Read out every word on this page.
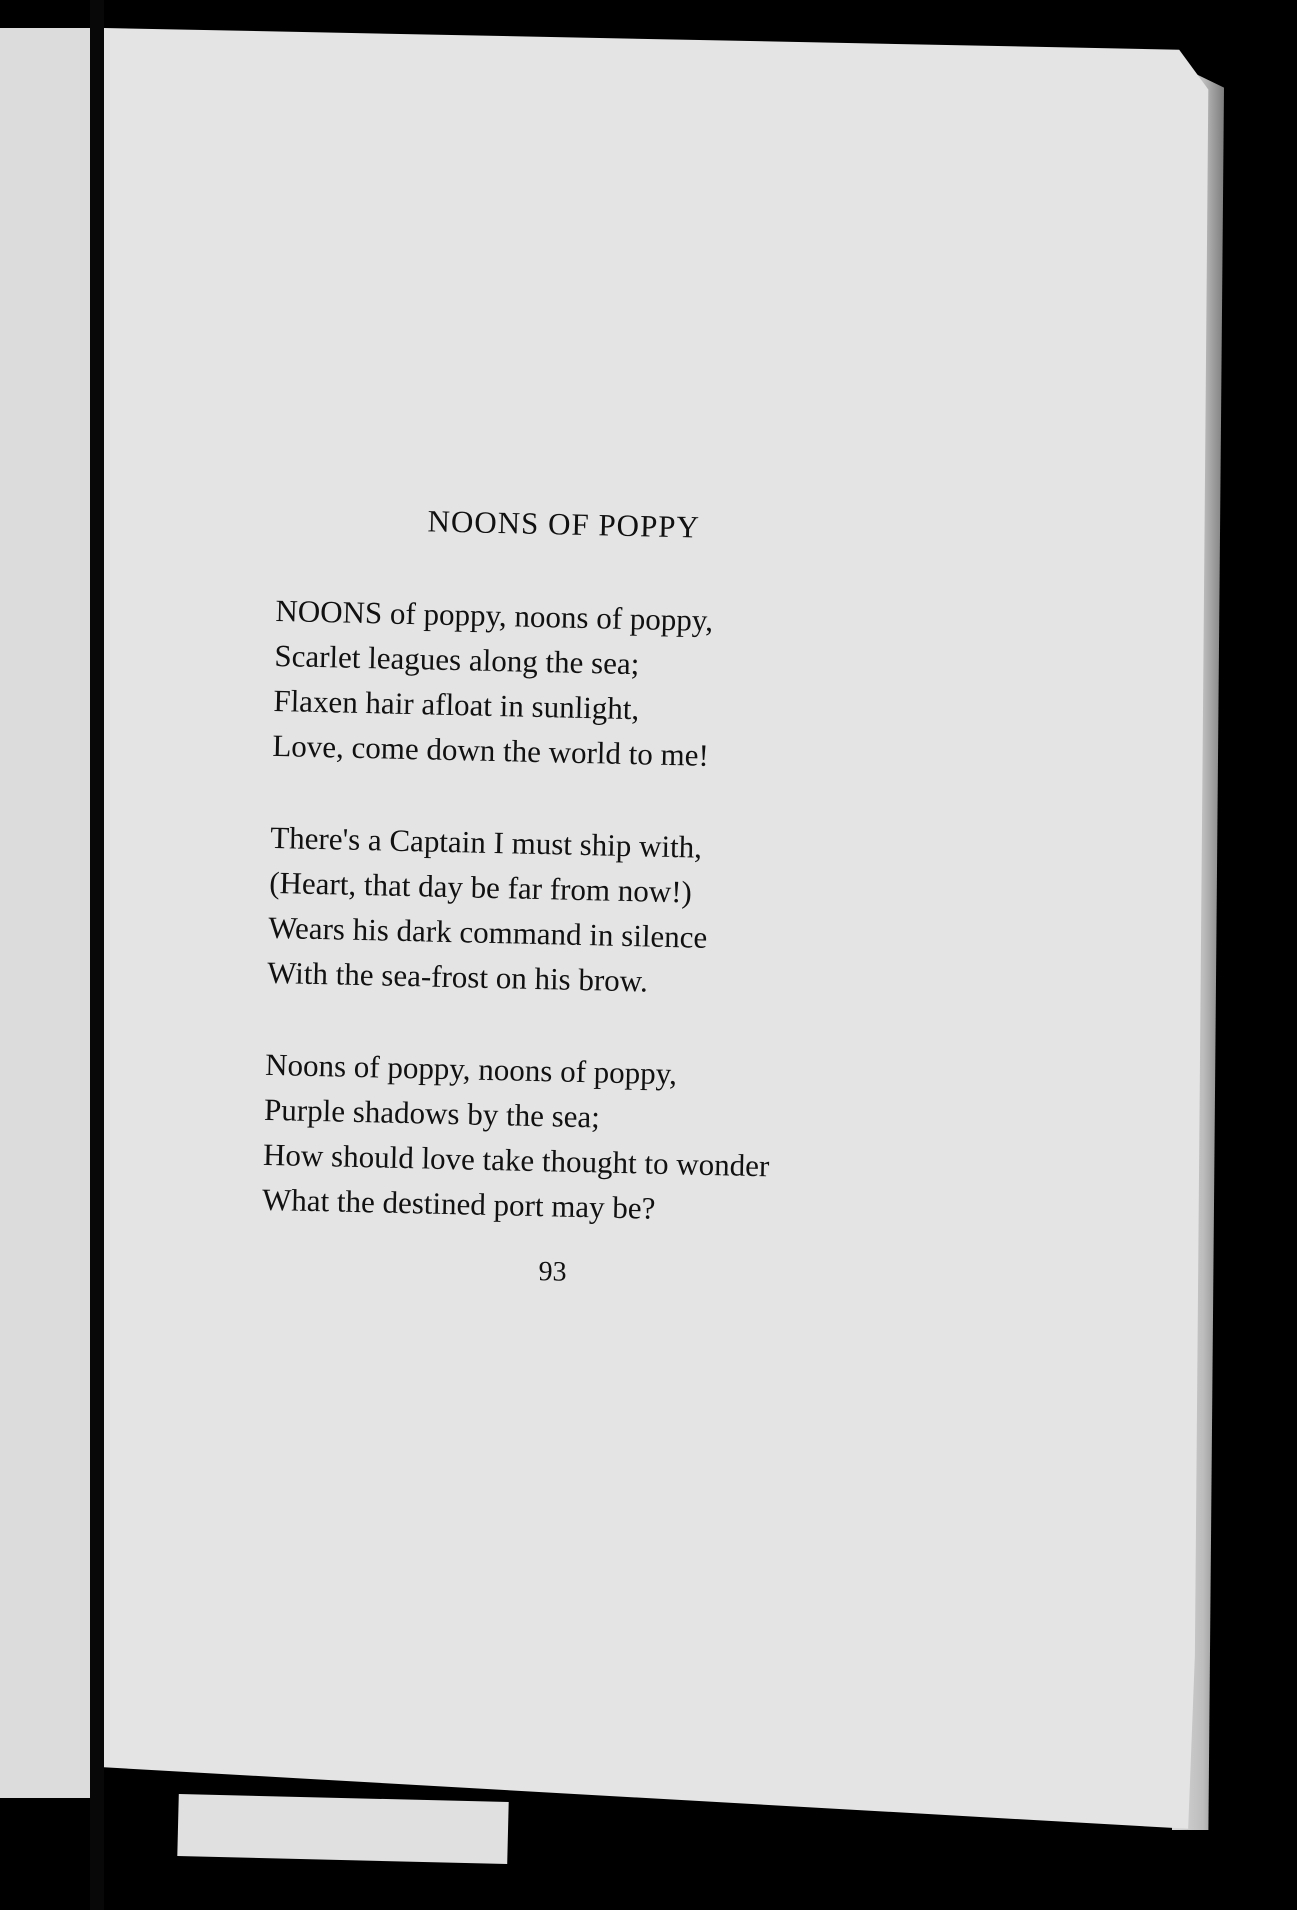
NOONS OF POPPY
NOONS of poppy, noons of poppy,
Scarlet leagues along the sea;
Flaxen hair afloat in sunlight,
Love, come down the world to me!
There's a Captain I must ship with,
(Heart, that day be far from now!)
Wears his dark command in silence
With the sea-frost on his brow.
Noons of poppy, noons of poppy,
Purple shadows by the sea;
How should love take thought to wonder
What the destined port may be?
93
